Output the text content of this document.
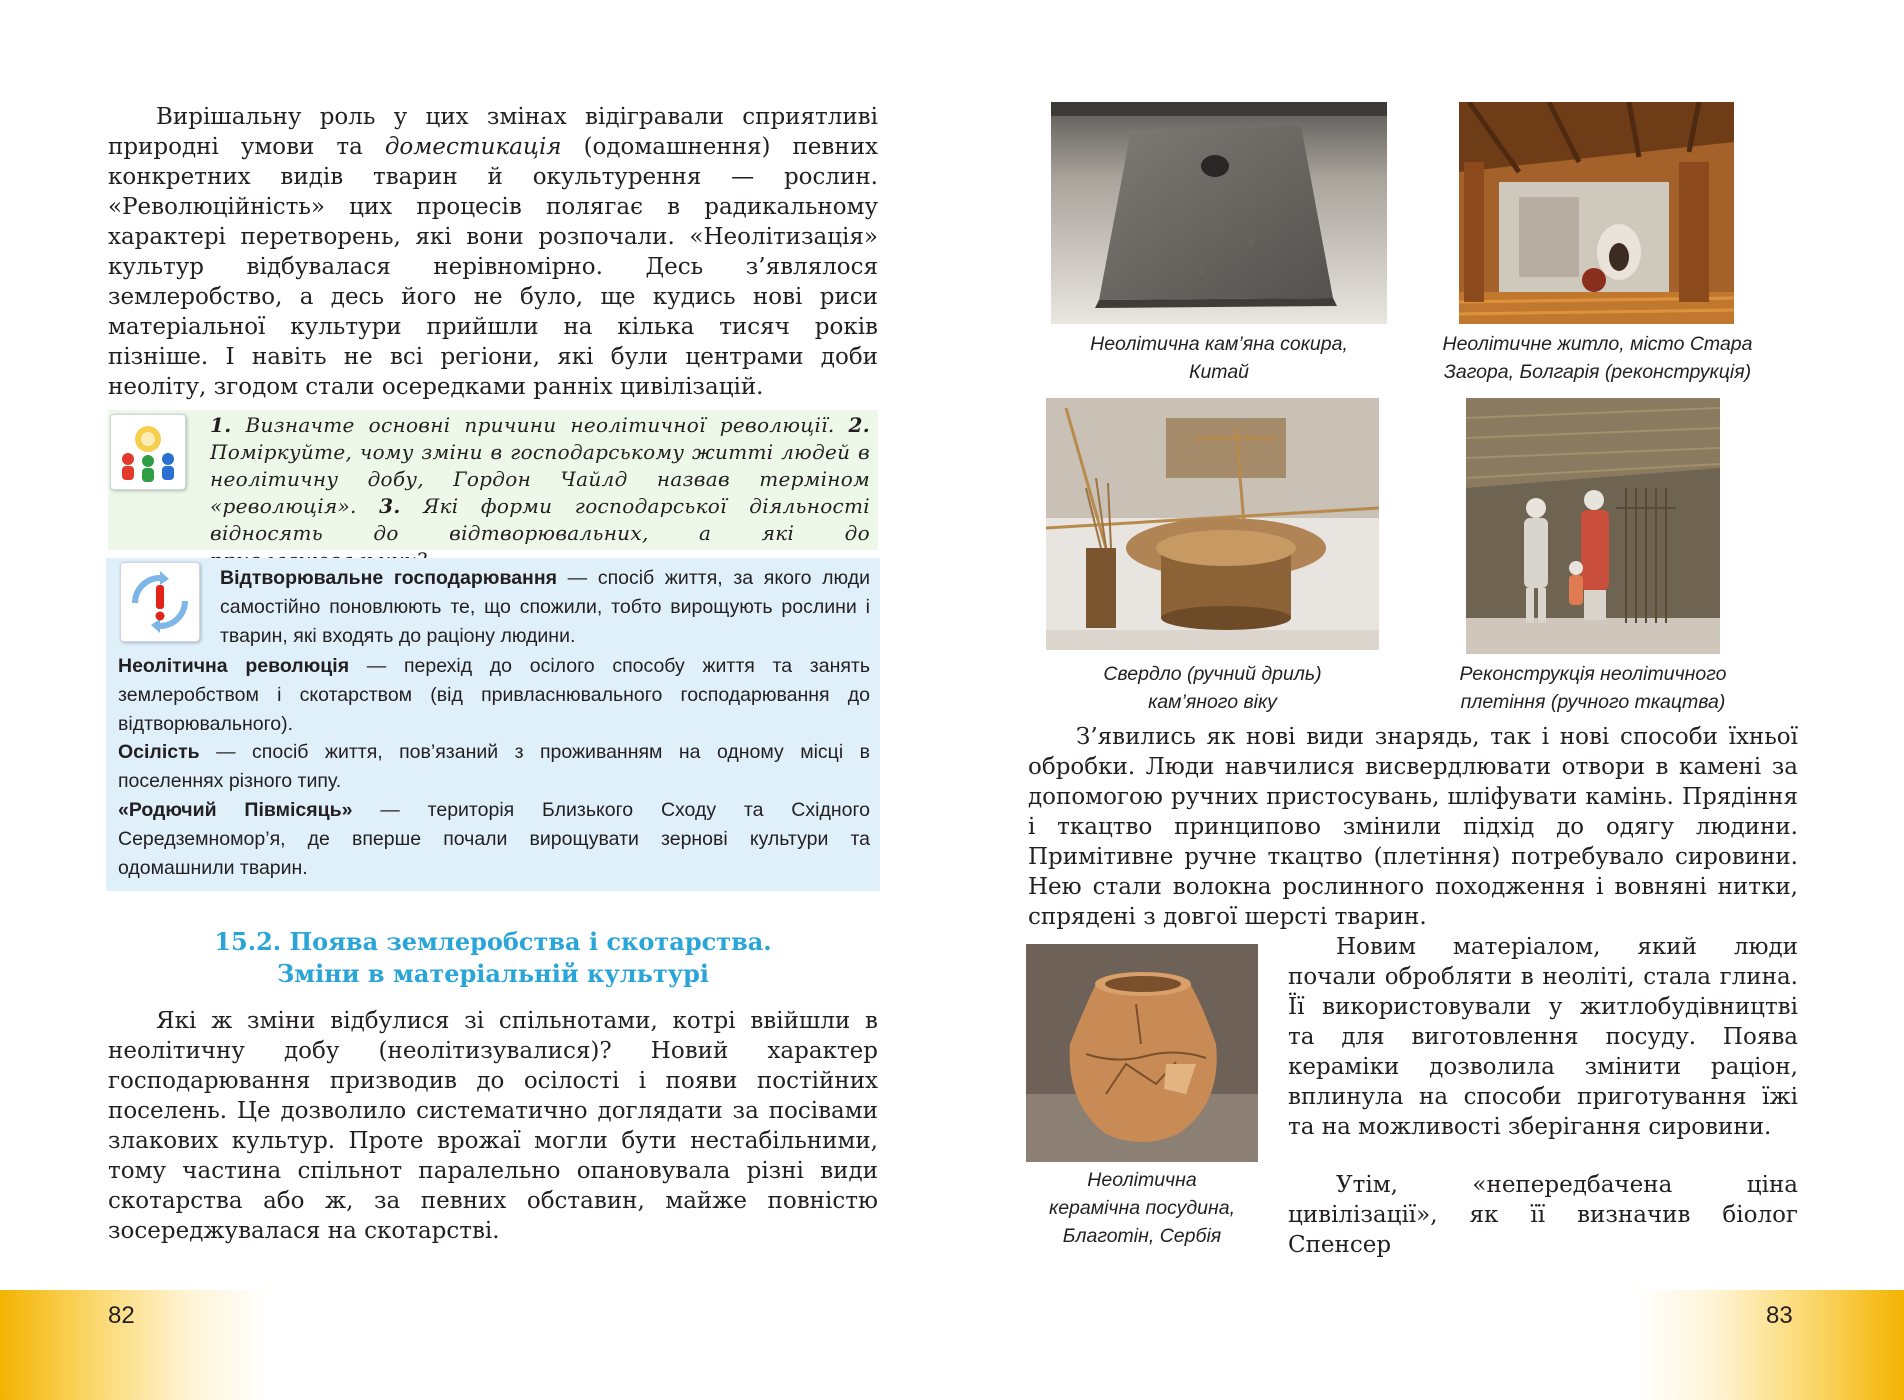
Вирішальну роль у цих змінах відігравали сприятливі природні умови та доместикація (одомашнення) певних конкретних видів тварин й окультурення — рослин. «Революційність» цих процесів полягає в радикальному характері перетворень, які вони розпочали. «Неолітизація» культур відбувалася нерівномірно. Десь з’являлося землеробство, а десь його не було, ще кудись нові риси матеріальної культури прийшли на кілька тисяч років пізніше. І навіть не всі регіони, які були центрами доби неоліту, згодом стали осередками ранніх цивілізацій.

1. Визначте основні причини неолітичної революції. 2. Поміркуйте, чому зміни в господарському житті людей в неолітичну добу, Гордон Чайлд назвав терміном «революція». 3. Які форми господарської діяльності відносять до відтворювальних, а які до

Відтворювальне господарювання — спосіб життя, за якого люди самостійно поновлюють те, що спожили, тобто вирощують рослини і тварин, які входять до раціону людини.

Неолітична революція — перехід до осілого способу життя та занять землеробством і скотарством (від привласнювального господарювання до відтворювального).

Осілість — спосіб життя, пов’язаний з проживанням на одному місці в поселеннях різного типу.

«Родючий Півмісяць» — територія Близького Сходу та Східного Середземномор’я, де вперше почали вирощувати зернові культури та одомашнили тварин.

15.2. Поява землеробства і скотарства.
Зміни в матеріальній культурі

Які ж зміни відбулися зі спільнотами, котрі ввійшли в неолітичну добу (неолітизувалися)? Новий характер господарювання призводив до осілості і появи постійних поселень. Це дозволило систематично доглядати за посівами злакових культур. Проте врожаї могли бути нестабільними, тому частина спільнот паралельно опановувала різні види скотарства або ж, за певних обставин, майже повністю зосереджувалася на скотарстві.

Неолітична кам’яна сокира,
Китай

Неолітичне житло, місто Стара
Загора, Болгарія (реконструкція)

Свердло (ручний дриль)
кам’яного віку

Реконструкція неолітичного
плетіння (ручного ткацтва)

З’явились як нові види знарядь, так і нові способи їхньої обробки. Люди навчилися висвердлювати отвори в камені за допомогою ручних пристосувань, шліфувати камінь. Прядіння і ткацтво принципово змінили підхід до одягу людини. Примітивне ручне ткацтво (плетіння) потребувало сировини. Нею стали волокна рослинного походження і вовняні нитки, спрядені з довгої шерсті тварин.

Неолітична
керамічна посудина,
Благотін, Сербія

Новим матеріалом, який люди почали обробляти в неоліті, стала глина. Її використовували у житлобудівництві та для виготовлення посуду. Поява кераміки дозволила змінити раціон, вплинула на способи приготування їжі та на можливості зберігання сировини.

Утім, «непередбачена ціна цивілізації», як її визначив біолог Спенсер

82	83
